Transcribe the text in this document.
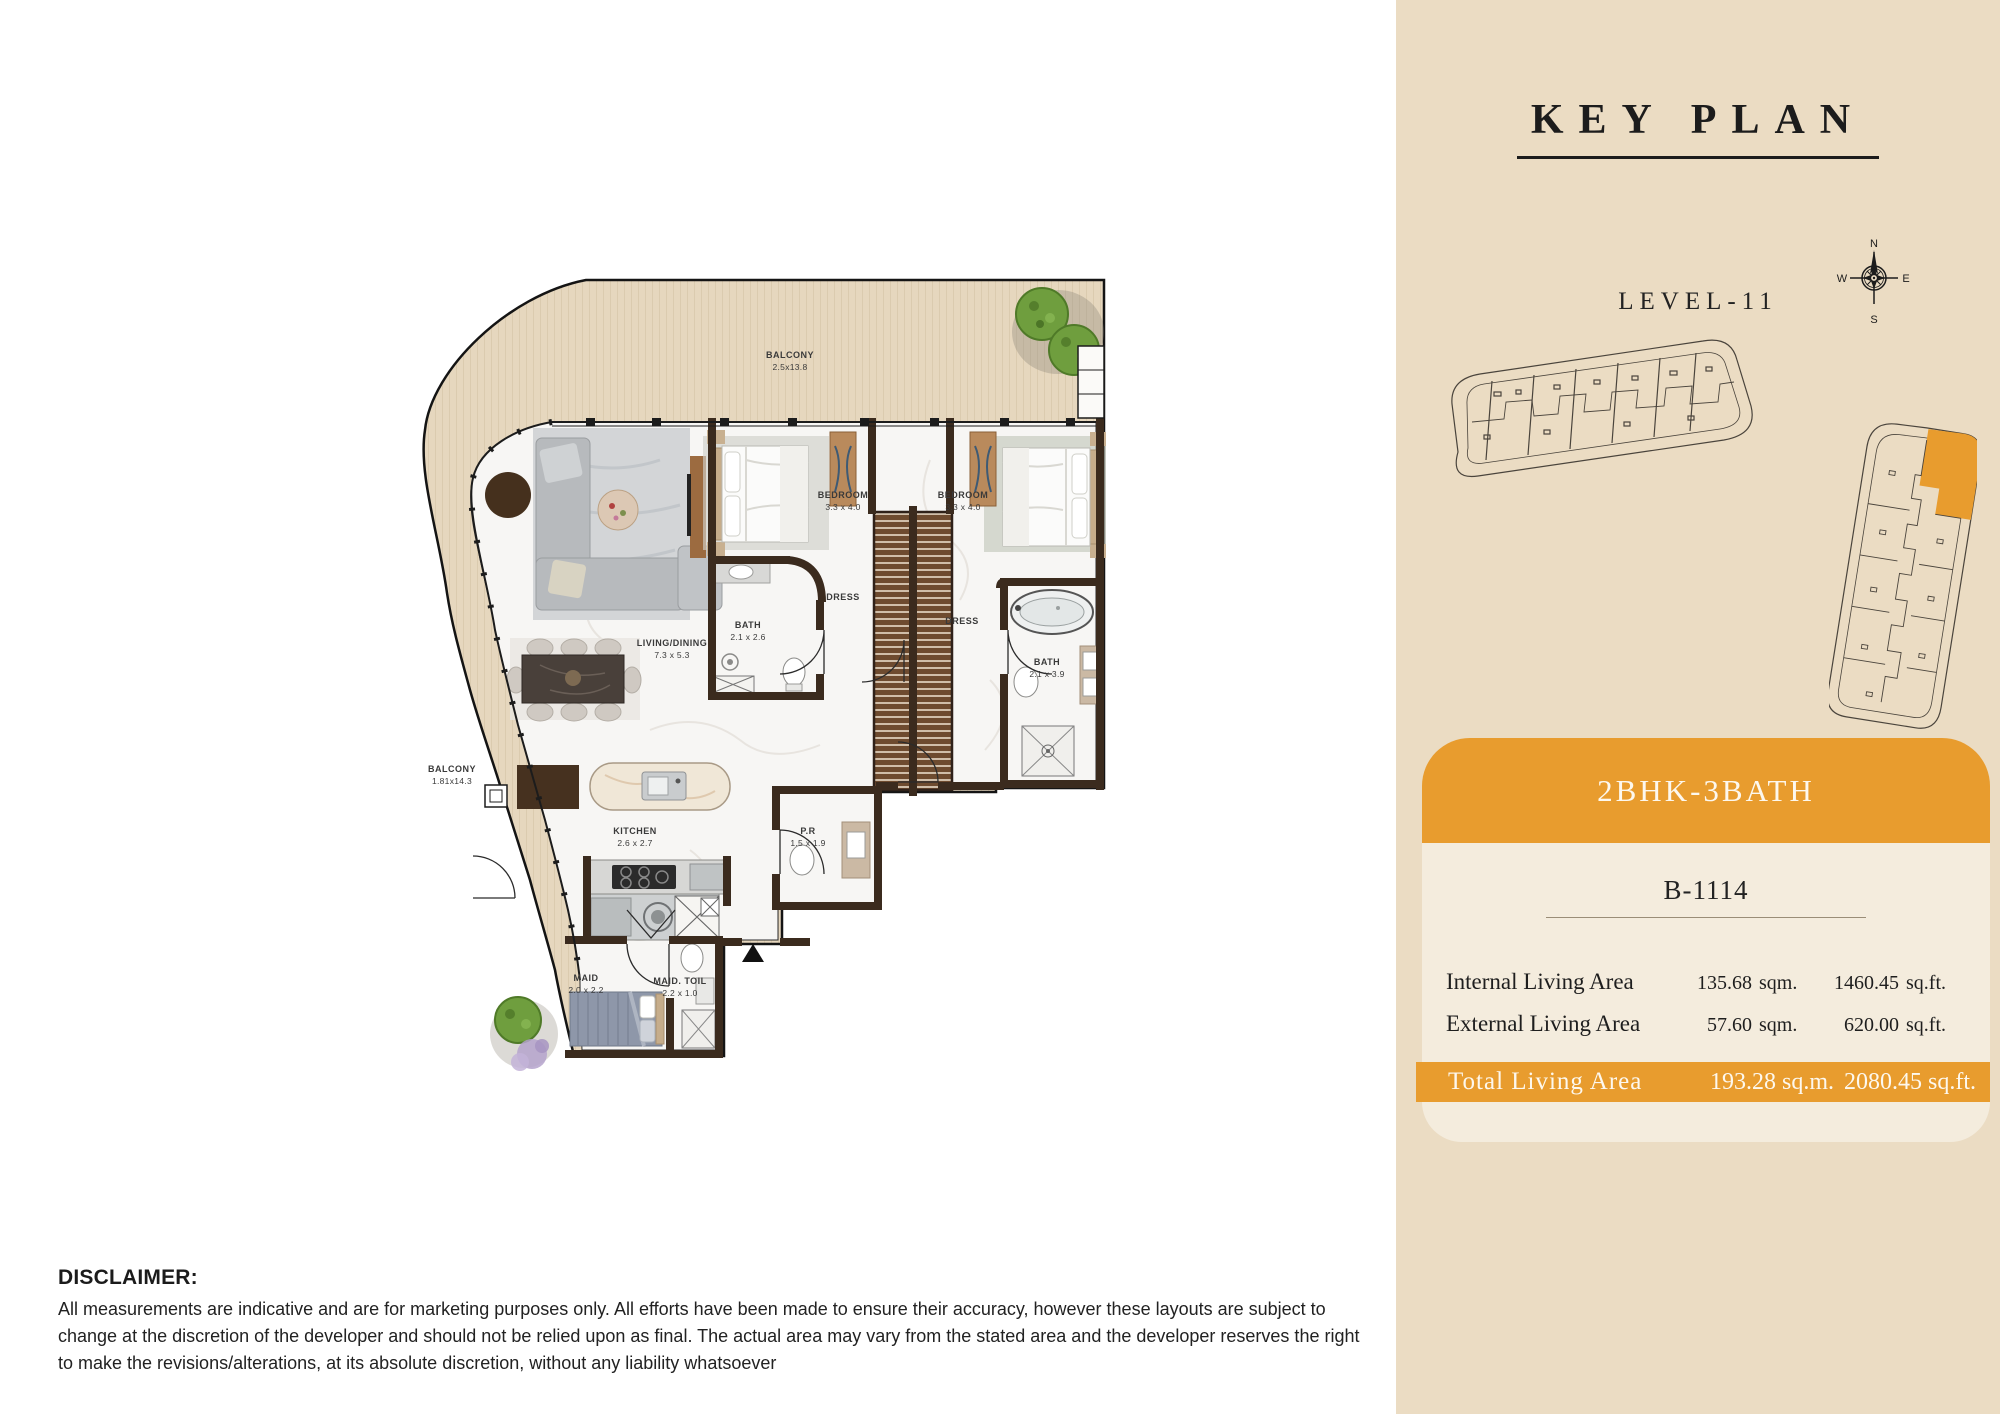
BALCONY
2.5x13.8
BALCONY
1.81x14.3
BEDROOM
3.3 x 4.0
BEDROOM
3.3 x 4.0
LIVING/DINING
7.3 x 5.3
BATH
2.1 x 2.6
DRESS
DRESS
BATH
2.1 x 3.9
KITCHEN
2.6 x 2.7
P.R
1.5 x 1.9
MAID
2.0 x 2.2
MAID. TOIL
2.2 x 1.0
KEY PLAN
LEVEL-11
N
E
S
W
2BHK-3BATH
B-1114
Internal Living Area	135.68 sqm.	1460.45 sq.ft.
External Living Area	57.60 sqm.	620.00 sq.ft.
Total Living Area	193.28 sq.m. 2080.45 sq.ft.
DISCLAIMER:

All measurements are indicative and are for marketing purposes only. All efforts have been made to ensure their accuracy, however these layouts are subject to change at the discretion of the developer and should not be relied upon as final. The actual area may vary from the stated area and the developer reserves the right to make the revisions/alterations, at its absolute discretion, without any liability whatsoever
